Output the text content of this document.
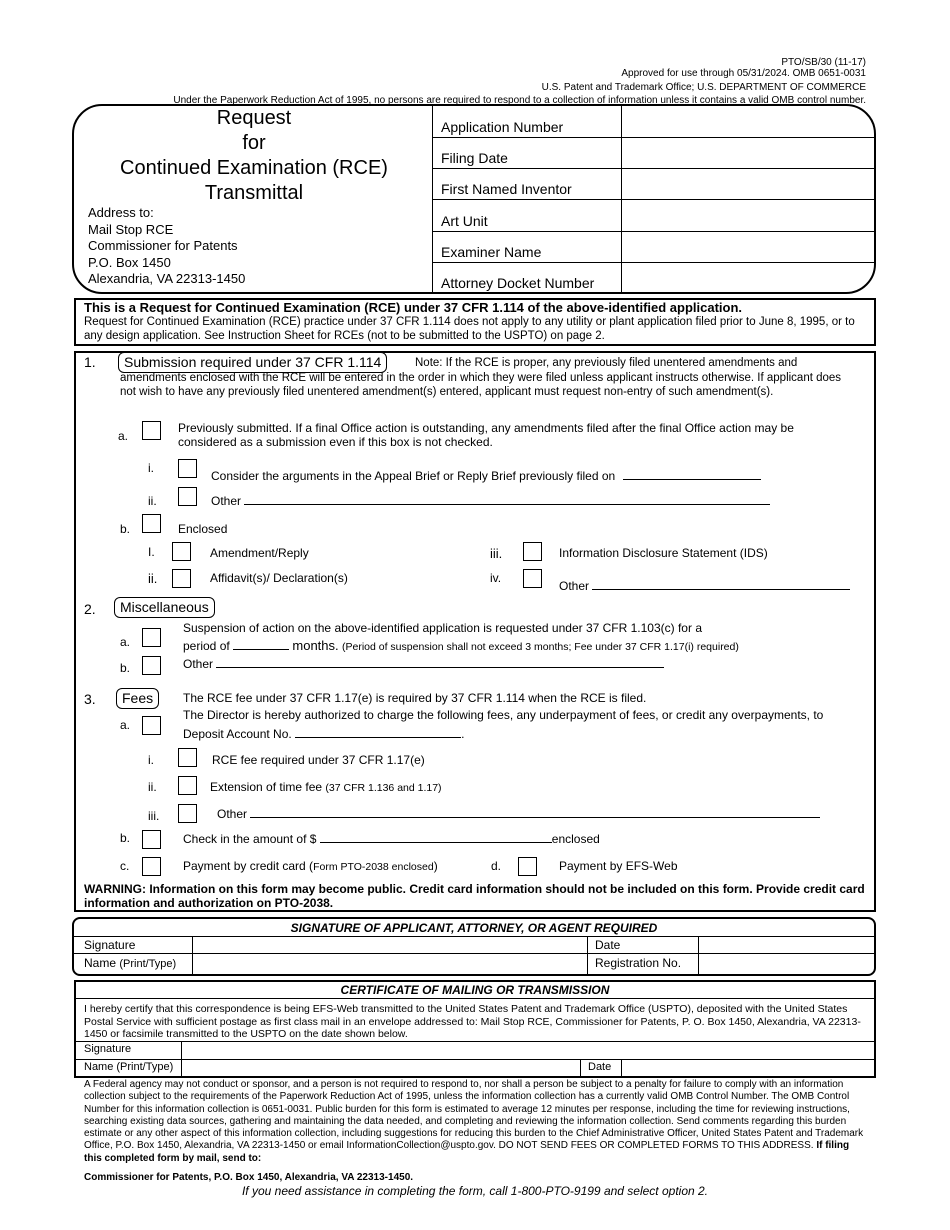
PTO/SB/30 (11-17)
Approved for use through 05/31/2024. OMB 0651-0031
U.S. Patent and Trademark Office; U.S. DEPARTMENT OF COMMERCE
Under the Paperwork Reduction Act of 1995, no persons are required to respond to a collection of information unless it contains a valid OMB control number.
Request
for
Continued Examination (RCE)
Transmittal
Address to:
Mail Stop RCE
Commissioner for Patents
P.O. Box 1450
Alexandria, VA 22313-1450
Application Number
Filing Date
First Named Inventor
Art Unit
Examiner Name
Attorney Docket Number
This is a Request for Continued Examination (RCE) under 37 CFR 1.114 of the above-identified application.
Request for Continued Examination (RCE) practice under 37 CFR 1.114 does not apply to any utility or plant application filed prior to June 8, 1995, or to any design application. See Instruction Sheet for RCEs (not to be submitted to the USPTO) on page 2.
1.	Submission required under 37 CFR 1.114	Note: If the RCE is proper, any previously filed unentered amendments and amendments enclosed with the RCE will be entered in the order in which they were filed unless applicant instructs otherwise. If applicant does not wish to have any previously filed unentered amendment(s) entered, applicant must request non-entry of such amendment(s).
a.
Previously submitted. If a final Office action is outstanding, any amendments filed after the final Office action may be considered as a submission even if this box is not checked.
i.
Consider the arguments in the Appeal Brief or Reply Brief previously filed on
ii.	Other
b.	Enclosed
I.	Amendment/Reply
ii.	Affidavit(s)/ Declaration(s)
iii.	Information Disclosure Statement (IDS)
iv.
Other
2.	Miscellaneous
a.
Suspension of action on the above-identified application is requested under 37 CFR 1.103(c) for a
period of	months. (Period of suspension shall not exceed 3 months; Fee under 37 CFR 1.17(i) required)
b.	Other
3.	Fees	The RCE fee under 37 CFR 1.17(e) is required by 37 CFR 1.114 when the RCE is filed.
a.
The Director is hereby authorized to charge the following fees, any underpayment of fees, or credit any overpayments, to
Deposit Account No.	.
i.	RCE fee required under 37 CFR 1.17(e)
ii.	Extension of time fee (37 CFR 1.136 and 1.17)
iii.	Other
b.	Check in the amount of $	enclosed
c.	Payment by credit card (Form PTO-2038 enclosed)	d.	Payment by EFS-Web
WARNING: Information on this form may become public. Credit card information should not be included on this form. Provide credit card information and authorization on PTO-2038.
SIGNATURE OF APPLICANT, ATTORNEY, OR AGENT REQUIRED
Signature	Date
Name (Print/Type)	Registration No.
CERTIFICATE OF MAILING OR TRANSMISSION
I hereby certify that this correspondence is being EFS-Web transmitted to the United States Patent and Trademark Office (USPTO), deposited with the United States Postal Service with sufficient postage as first class mail in an envelope addressed to: Mail Stop RCE, Commissioner for Patents, P. O. Box 1450, Alexandria, VA 22313-1450 or facsimile transmitted to the USPTO on the date shown below.
Signature
Name (Print/Type)	Date
A Federal agency may not conduct or sponsor, and a person is not required to respond to, nor shall a person be subject to a penalty for failure to comply with an information collection subject to the requirements of the Paperwork Reduction Act of 1995, unless the information collection has a currently valid OMB Control Number. The OMB Control Number for this information collection is 0651-0031. Public burden for this form is estimated to average 12 minutes per response, including the time for reviewing instructions, searching existing data sources, gathering and maintaining the data needed, and completing and reviewing the information collection. Send comments regarding this burden estimate or any other aspect of this information collection, including suggestions for reducing this burden to the Chief Administrative Officer, United States Patent and Trademark Office, P.O. Box 1450, Alexandria, VA 22313-1450 or email InformationCollection@uspto.gov. DO NOT SEND FEES OR COMPLETED FORMS TO THIS ADDRESS. If filing this completed form by mail, send to:
Commissioner for Patents, P.O. Box 1450, Alexandria, VA 22313-1450.
If you need assistance in completing the form, call 1-800-PTO-9199 and select option 2.
